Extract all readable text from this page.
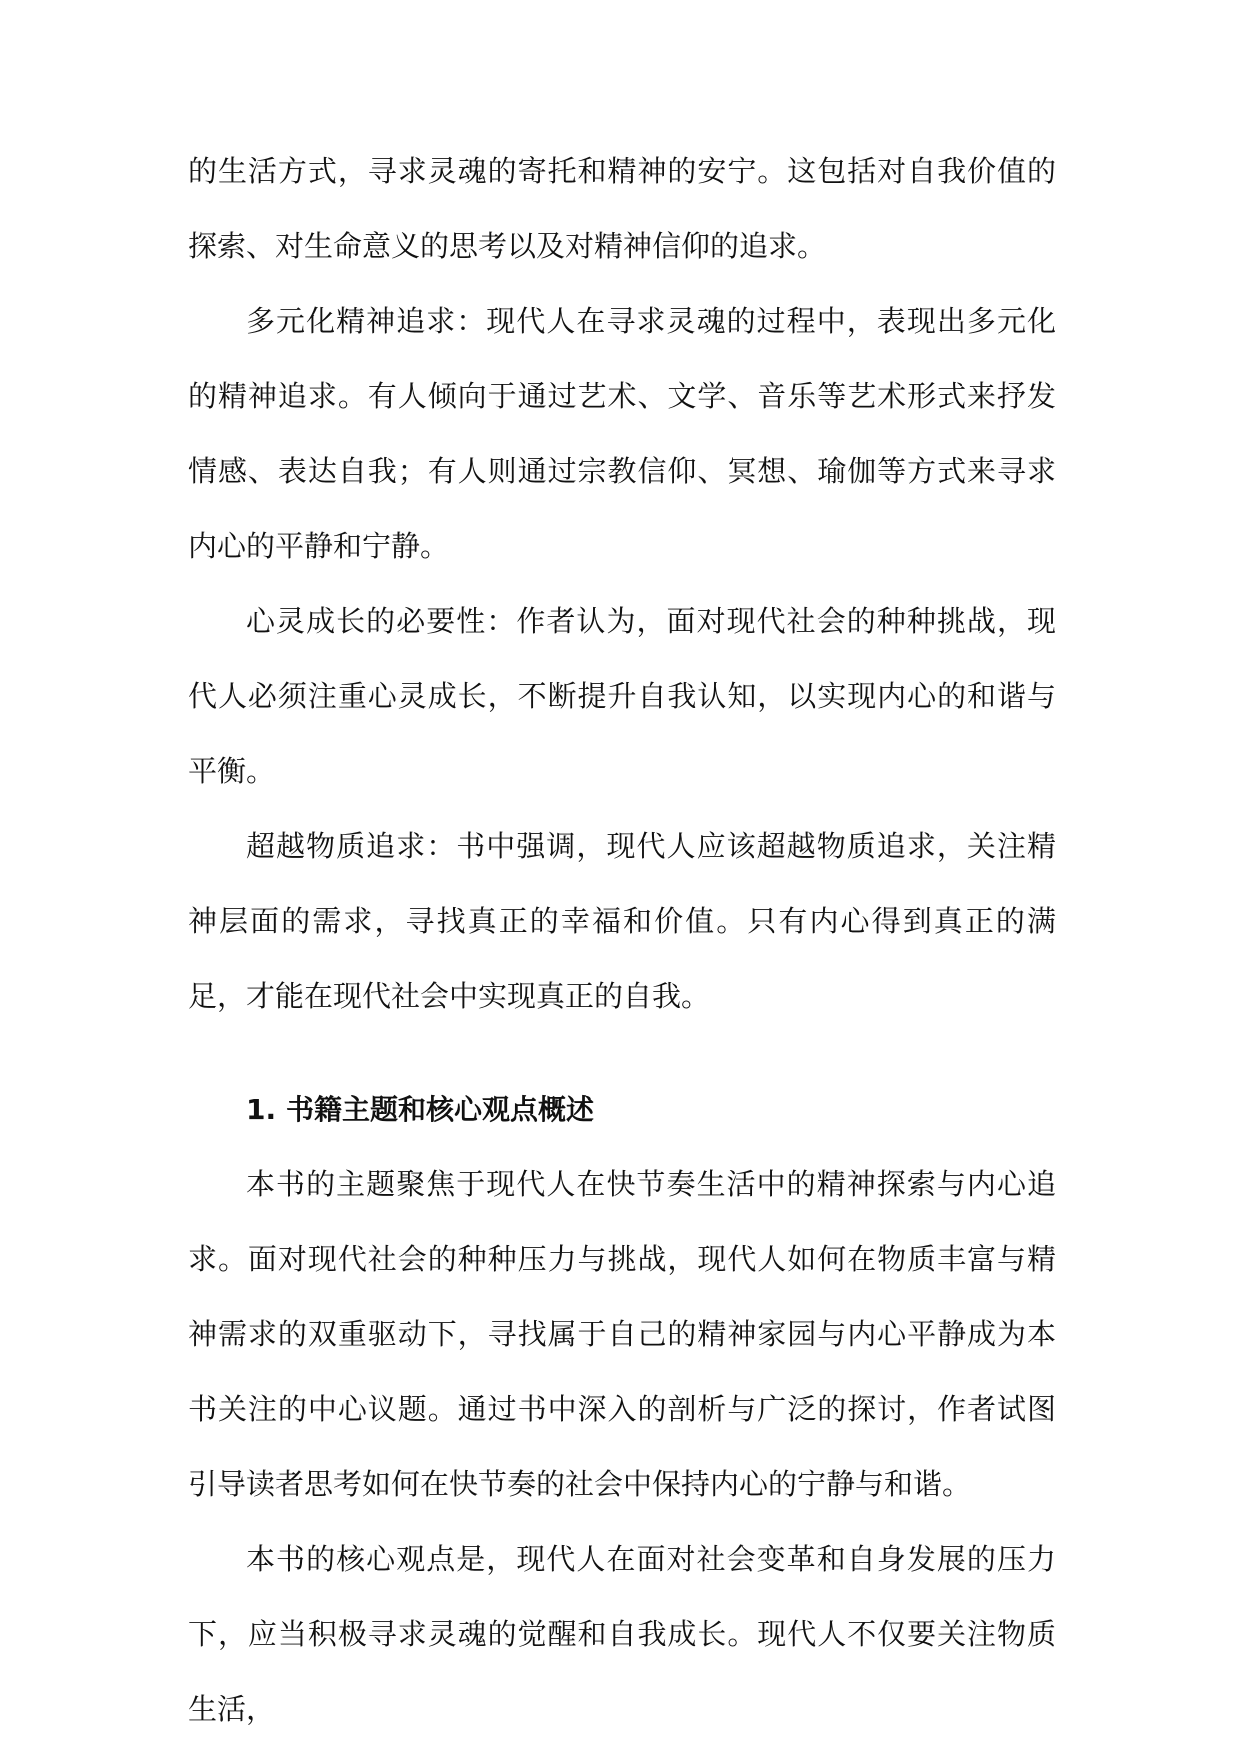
的生活方式，寻求灵魂的寄托和精神的安宁。这包括对自我价值的探索、对生命意义的思考以及对精神信仰的追求。

多元化精神追求：现代人在寻求灵魂的过程中，表现出多元化的精神追求。有人倾向于通过艺术、文学、音乐等艺术形式来抒发情感、表达自我；有人则通过宗教信仰、冥想、瑜伽等方式来寻求内心的平静和宁静。

心灵成长的必要性：作者认为，面对现代社会的种种挑战，现代人必须注重心灵成长，不断提升自我认知，以实现内心的和谐与平衡。

超越物质追求：书中强调，现代人应该超越物质追求，关注精神层面的需求，寻找真正的幸福和价值。只有内心得到真正的满足，才能在现代社会中实现真正的自我。

1. 书籍主题和核心观点概述

本书的主题聚焦于现代人在快节奏生活中的精神探索与内心追求。面对现代社会的种种压力与挑战，现代人如何在物质丰富与精神需求的双重驱动下，寻找属于自己的精神家园与内心平静成为本书关注的中心议题。通过书中深入的剖析与广泛的探讨，作者试图引导读者思考如何在快节奏的社会中保持内心的宁静与和谐。

本书的核心观点是，现代人在面对社会变革和自身发展的压力下，应当积极寻求灵魂的觉醒和自我成长。现代人不仅要关注物质生活，
